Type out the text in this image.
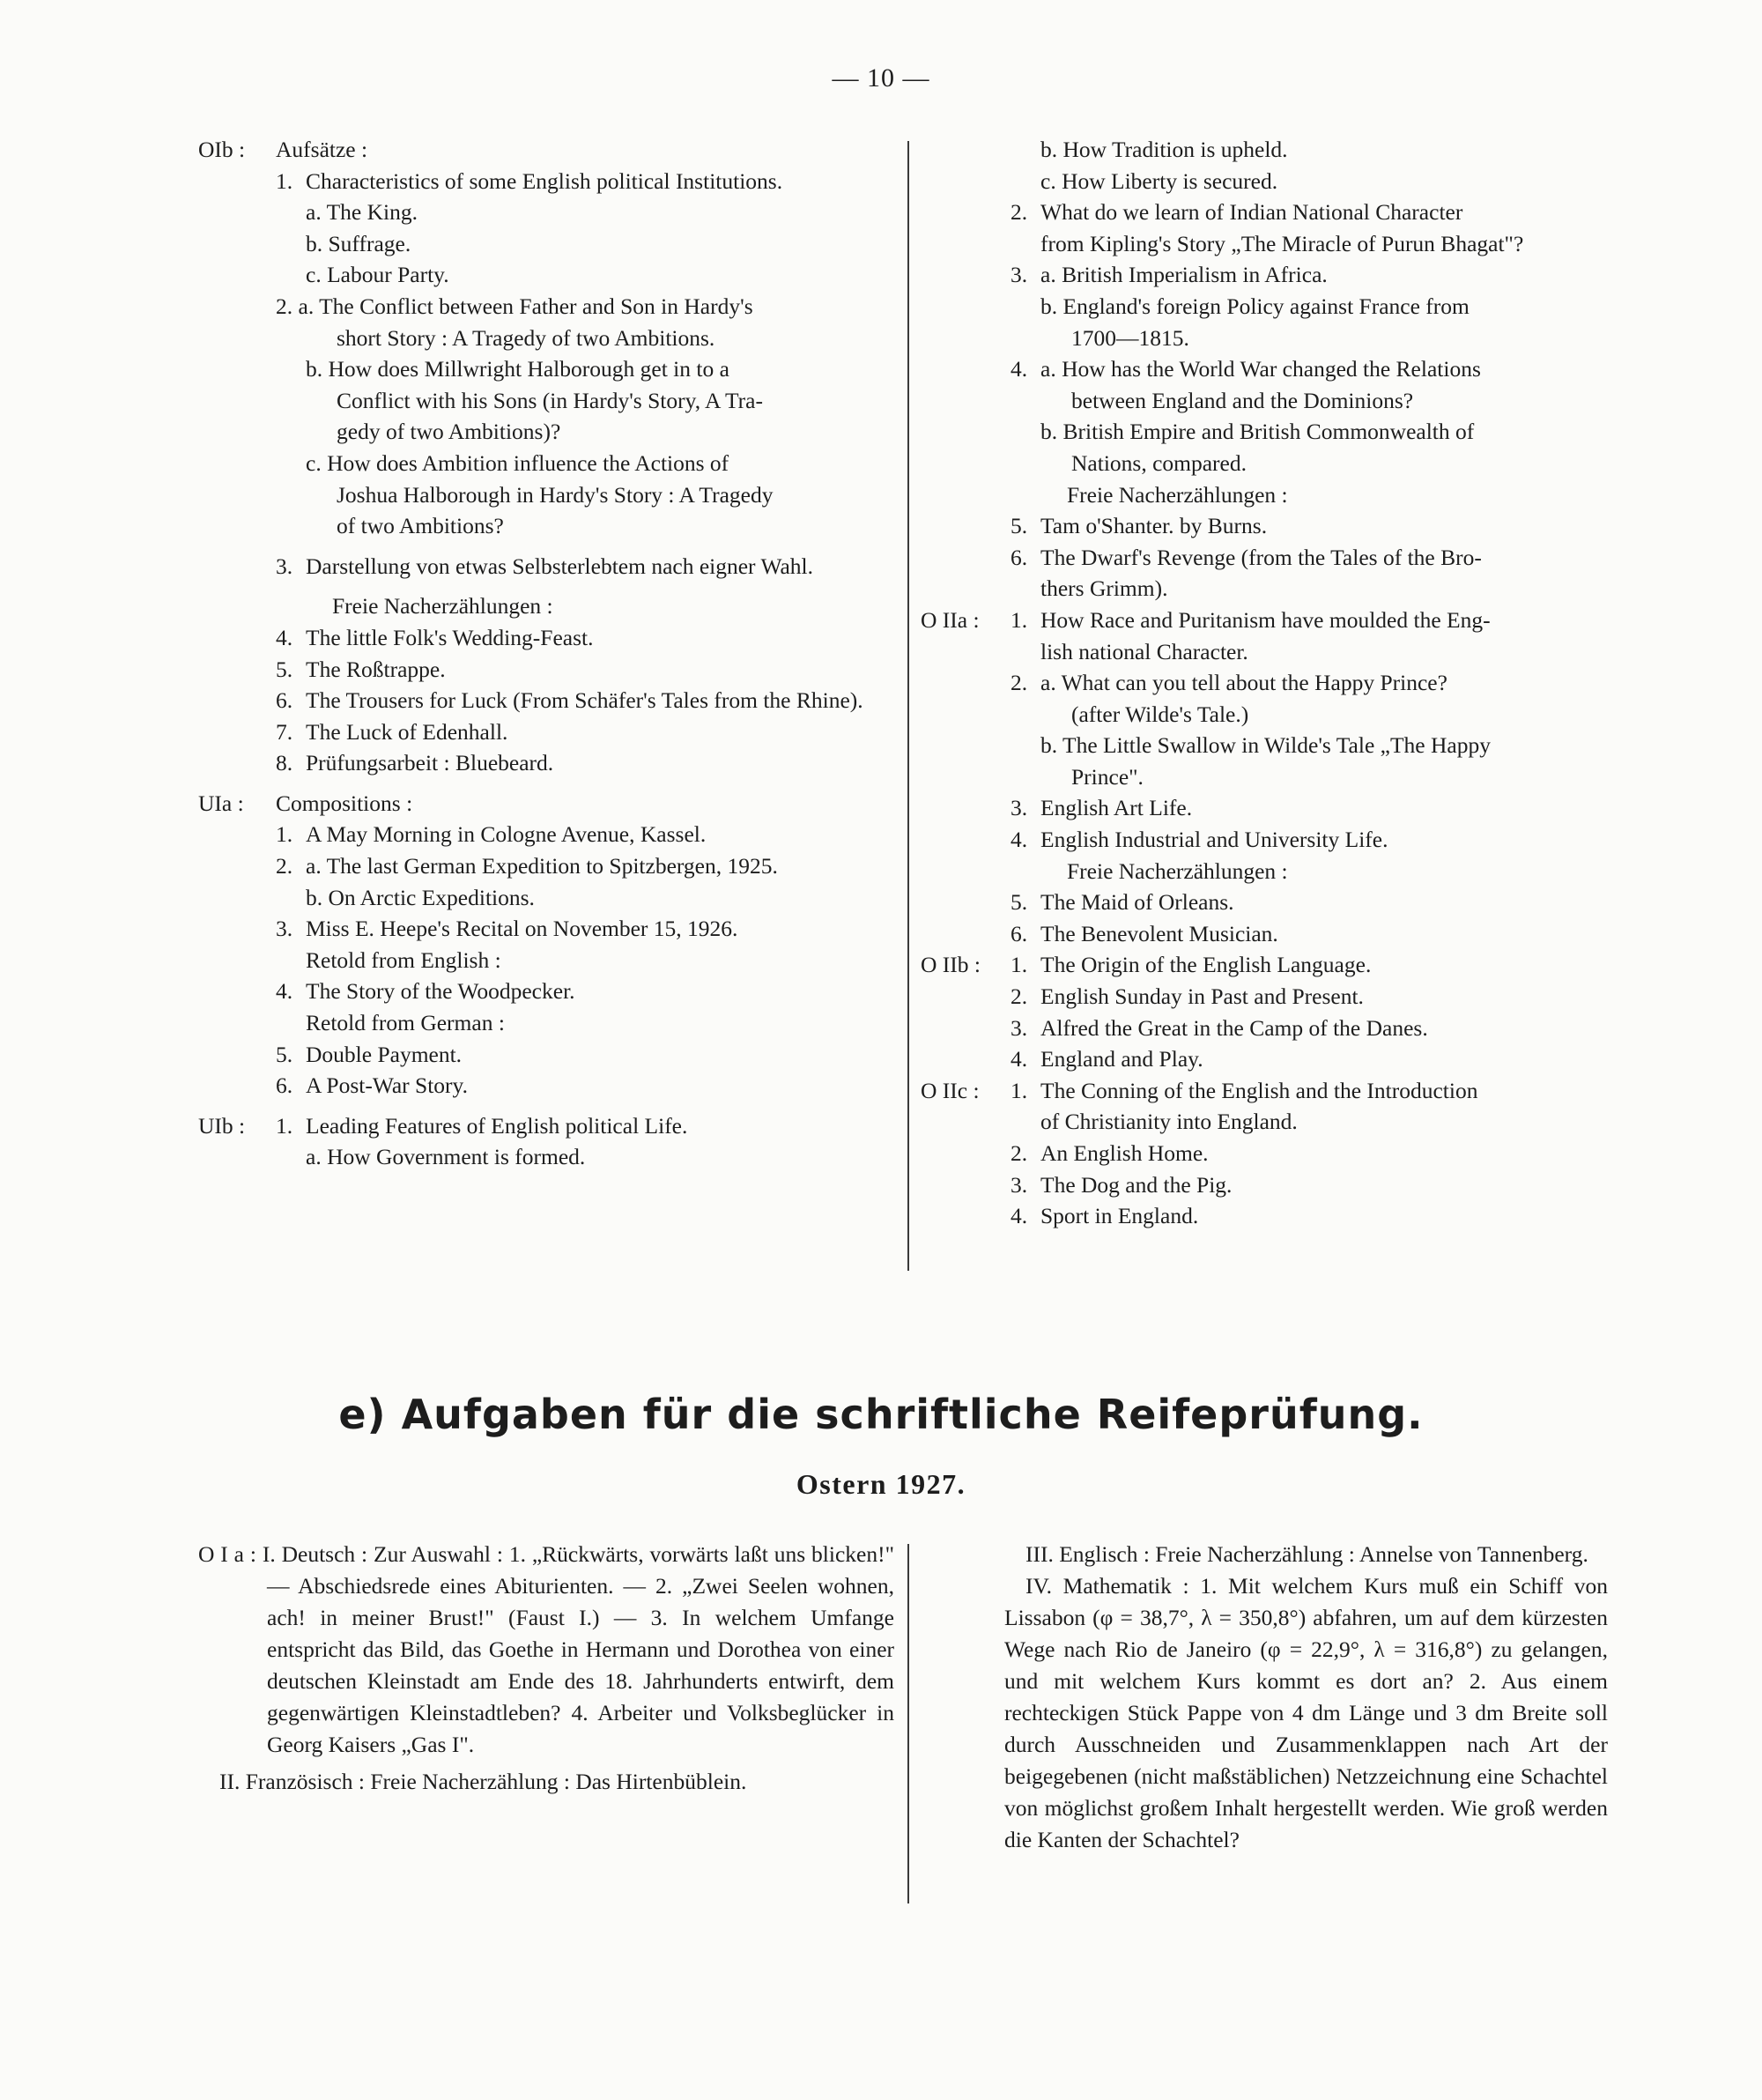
— 10 —
OIb :	Aufsätze :
1. Characteristics of some English political Institutions.
a. The King.
b. Suffrage.
c. Labour Party.
2. a. The Conflict between Father and Son in Hardy's
short Story : A Tragedy of two Ambitions.
b. How does Millwright Halborough get in to a
Conflict with his Sons (in Hardy's Story, A Tra-
gedy of two Ambitions)?
c. How does Ambition influence the Actions of
Joshua Halborough in Hardy's Story : A Tragedy
of two Ambitions?
3. Darstellung von etwas Selbsterlebtem nach eigner Wahl.
Freie Nacherzählungen :
4. The little Folk's Wedding-Feast.
5. The Roßtrappe.
6. The Trousers for Luck (From Schäfer's Tales from the Rhine).
7. The Luck of Edenhall.
8. Prüfungsarbeit : Bluebeard.
UIa :	Compositions :
1. A May Morning in Cologne Avenue, Kassel.
2. a. The last German Expedition to Spitzbergen, 1925.
b. On Arctic Expeditions.
3. Miss E. Heepe's Recital on November 15, 1926.
Retold from English :
4. The Story of the Woodpecker.
Retold from German :
5. Double Payment.
6. A Post-War Story.
UIb :	1. Leading Features of English political Life.
a. How Government is formed.
b. How Tradition is upheld.
c. How Liberty is secured.
2. What do we learn of Indian National Character
from Kipling's Story „The Miracle of Purun Bhagat"?
3. a. British Imperialism in Africa.
b. England's foreign Policy against France from
1700—1815.
4. a. How has the World War changed the Relations
between England and the Dominions?
b. British Empire and British Commonwealth of
Nations, compared.
Freie Nacherzählungen :
5. Tam o'Shanter. by Burns.
6. The Dwarf's Revenge (from the Tales of the Bro-
thers Grimm).
O IIa :	1. How Race and Puritanism have moulded the Eng-
lish national Character.
2. a. What can you tell about the Happy Prince?
(after Wilde's Tale.)
b. The Little Swallow in Wilde's Tale „The Happy
Prince".
3. English Art Life.
4. English Industrial and University Life.
Freie Nacherzählungen :
5. The Maid of Orleans.
6. The Benevolent Musician.
O IIb :	1. The Origin of the English Language.
2. English Sunday in Past and Present.
3. Alfred the Great in the Camp of the Danes.
4. England and Play.
O IIc :	1. The Conning of the English and the Introduction
of Christianity into England.
2. An English Home.
3. The Dog and the Pig.
4. Sport in England.
e) Aufgaben für die schriftliche Reifeprüfung.
Ostern 1927.

O I a : I. Deutsch : Zur Auswahl : 1. „Rückwärts, vorwärts laßt uns blicken!" — Abschiedsrede eines Abiturienten. — 2. „Zwei Seelen wohnen, ach! in meiner Brust!" (Faust I.) — 3. In welchem Umfange entspricht das Bild, das Goethe in Hermann und Dorothea von einer deutschen Kleinstadt am Ende des 18. Jahrhunderts entwirft, dem gegenwärtigen Kleinstadtleben? 4. Arbeiter und Volksbeglücker in Georg Kaisers „Gas I".

II. Französisch : Freie Nacherzählung : Das Hirtenbüblein.

III. Englisch : Freie Nacherzählung : Annelse von Tannenberg.

IV. Mathematik : 1. Mit welchem Kurs muß ein Schiff von Lissabon (φ = 38,7°, λ = 350,8°) abfahren, um auf dem kürzesten Wege nach Rio de Janeiro (φ = 22,9°, λ = 316,8°) zu gelangen, und mit welchem Kurs kommt es dort an? 2. Aus einem rechteckigen Stück Pappe von 4 dm Länge und 3 dm Breite soll durch Ausschneiden und Zusammenklappen nach Art der beigegebenen (nicht maßstäblichen) Netzzeichnung eine Schachtel von möglichst großem Inhalt hergestellt werden. Wie groß werden die Kanten der Schachtel?
